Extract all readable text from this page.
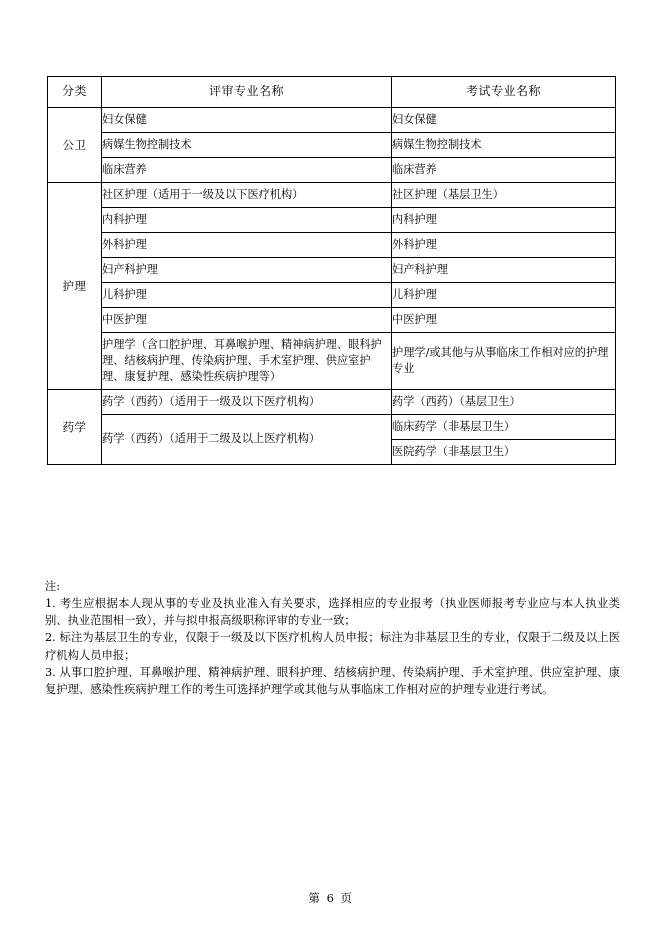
分类	评审专业名称	考试专业名称
公卫	妇女保健	妇女保健

	病媒生物控制技术	病媒生物控制技术

	临床营养	临床营养

护理	社区护理（适用于一级及以下医疗机构）	社区护理（基层卫生）

	内科护理	内科护理

	外科护理	外科护理

	妇产科护理	妇产科护理

	儿科护理	儿科护理

	中医护理	中医护理

	护理学（含口腔护理、耳鼻喉护理、精神病护理、眼科护理、结核病护理、传染病护理、手术室护理、供应室护理、康复护理、感染性疾病护理等）	护理学/或其他与从事临床工作相对应的护理专业

药学	药学（西药）（适用于一级及以下医疗机构）	药学（西药）（基层卫生）

	药学（西药）（适用于二级及以上医疗机构）	临床药学（非基层卫生）

		医院药学（非基层卫生）
注:
1. 考生应根据本人现从事的专业及执业准入有关要求，选择相应的专业报考（执业医师报考专业应与本人执业类别、执业范围相一致），并与拟申报高级职称评审的专业一致；
2. 标注为基层卫生的专业，仅限于一级及以下医疗机构人员申报；标注为非基层卫生的专业，仅限于二级及以上医疗机构人员申报；
3. 从事口腔护理、耳鼻喉护理、精神病护理、眼科护理、结核病护理、传染病护理、手术室护理、供应室护理、康复护理、感染性疾病护理工作的考生可选择护理学或其他与从事临床工作相对应的护理专业进行考试。
第 6 页
